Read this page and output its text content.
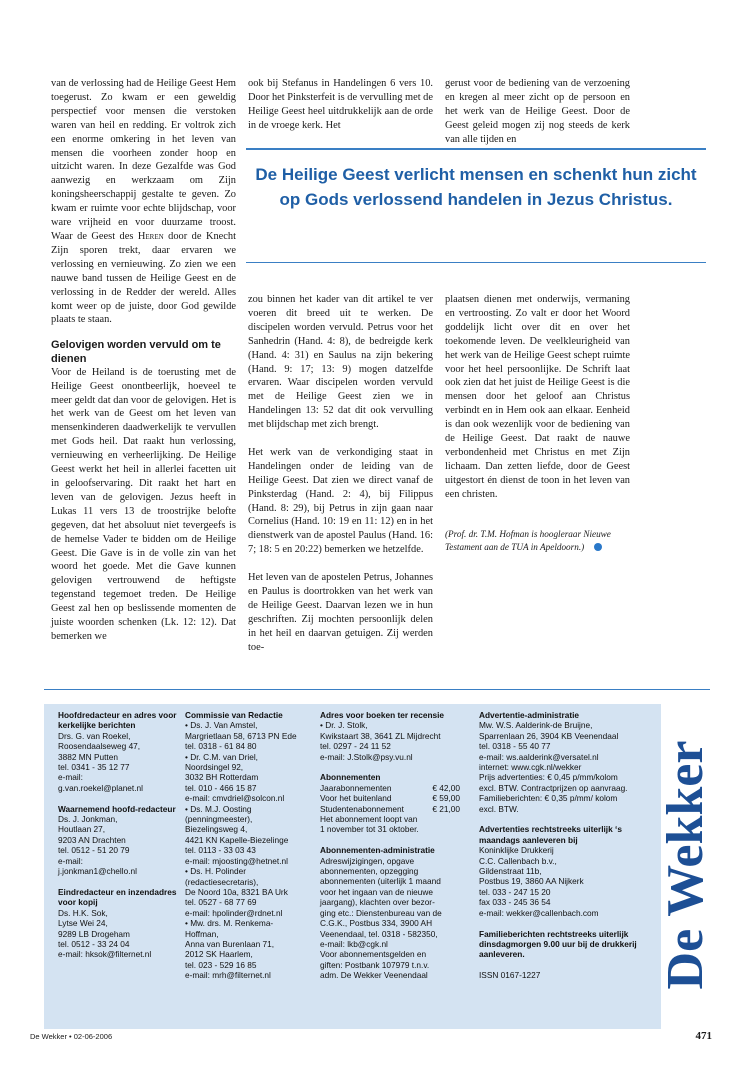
van de verlossing had de Heilige Geest Hem toegerust. Zo kwam er een geweldig perspectief voor mensen die verstoken waren van heil en redding. Er voltrok zich een enorme omkering in het leven van mensen die voorheen zonder hoop en uitzicht waren. In deze Gezalfde was God aanwezig en werkzaam om Zijn koningsheerschappij gestalte te geven. Zo kwam er ruimte voor echte blijdschap, voor ware vrijheid en voor duurzame troost. Waar de Geest des Heren door de Knecht Zijn sporen trekt, daar ervaren we verlossing en vernieuwing. Zo zien we een nauwe band tussen de Heilige Geest en de verlossing in de Redder der wereld. Alles komt weer op de juiste, door God gewilde plaats te staan.

Gelovigen worden vervuld om te dienen

Voor de Heiland is de toerusting met de Heilige Geest onontbeerlijk, hoeveel te meer geldt dat dan voor de gelovigen. Het is het werk van de Geest om het leven van mensenkinderen daadwerkelijk te vervullen met Gods heil. Dat raakt hun verlossing, vernieuwing en verheerlijking. De Heilige Geest werkt het heil in allerlei facetten uit in geloofservaring. Dit raakt het hart en leven van de gelovigen. Jezus heeft in Lukas 11 vers 13 de troostrijke belofte gegeven, dat het absoluut niet tevergeefs is de hemelse Vader te bidden om de Heilige Geest. Die Gave is in de volle zin van het woord het goede. Met die Gave kunnen gelovigen vertrouwend de heftigste tegenstand tegemoet treden. De Heilige Geest zal hen op beslissende momenten de juiste woorden schenken (Lk. 12: 12). Dat bemerken we

ook bij Stefanus in Handelingen 6 vers 10. Door het Pinksterfeit is de vervulling met de Heilige Geest heel uitdrukkelijk aan de orde in de vroege kerk. Het

gerust voor de bediening van de verzoening en kregen al meer zicht op de persoon en het werk van de Heilige Geest. Door de Geest geleid mogen zij nog steeds de kerk van alle tijden en

De Heilige Geest verlicht mensen en schenkt hun zicht op Gods verlossend handelen in Jezus Christus.

zou binnen het kader van dit artikel te ver voeren dit breed uit te werken. De discipelen worden vervuld. Petrus voor het Sanhedrin (Hand. 4: 8), de bedreigde kerk (Hand. 4: 31) en Saulus na zijn bekering (Hand. 9: 17; 13: 9) mogen datzelfde ervaren. Waar discipelen worden vervuld met de Heilige Geest zien we in Handelingen 13: 52 dat dit ook vervulling met blijdschap met zich brengt.

Het werk van de verkondiging staat in Handelingen onder de leiding van de Heilige Geest. Dat zien we direct vanaf de Pinksterdag (Hand. 2: 4), bij Filippus (Hand. 8: 29), bij Petrus in zijn gaan naar Cornelius (Hand. 10: 19 en 11: 12) en in het dienstwerk van de apostel Paulus (Hand. 16: 7; 18: 5 en 20:22) bemerken we hetzelfde.

Het leven van de apostelen Petrus, Johannes en Paulus is doortrokken van het werk van de Heilige Geest. Daarvan lezen we in hun geschriften. Zij mochten persoonlijk delen in het heil en daarvan getuigen. Zij werden toe-

plaatsen dienen met onderwijs, vermaning en vertroosting. Zo valt er door het Woord goddelijk licht over dit en over het toekomende leven. De veelkleurigheid van het werk van de Heilige Geest schept ruimte voor het heel persoonlijke. De Schrift laat ook zien dat het juist de Heilige Geest is die mensen door het geloof aan Christus verbindt en in Hem ook aan elkaar. Eenheid is dan ook wezenlijk voor de bediening van de Heilige Geest. Dat raakt de nauwe verbondenheid met Christus en met Zijn lichaam. Dan zetten liefde, door de Geest uitgestort én dienst de toon in het leven van een christen.

(Prof. dr. T.M. Hofman is hoogleraar Nieuwe Testament aan de TUA in Apeldoorn.)

Hoofdredacteur en adres voor kerkelijke berichten
Drs. G. van Roekel,
Roosendaalseweg 47,
3882 MN Putten
tel. 0341 - 35 12 77
e-mail:
g.van.roekel@planet.nl
Waarnemend hoofd-redacteur
Ds. J. Jonkman,
Houtlaan 27,
9203 AN Drachten
tel. 0512 - 51 20 79
e-mail:
j.jonkman1@chello.nl
Eindredacteur en inzendadres voor kopij
Ds. H.K. Sok,
Lytse Wei 24,
9289 LB Drogeham
tel. 0512 - 33 24 04
e-mail: hksok@filternet.nl
Commissie van Redactie
• Ds. J. Van Amstel,
Margrietlaan 58, 6713 PN Ede
tel. 0318 - 61 84 80
• Dr. C.M. van Driel,
Noordsingel 92,
3032 BH Rotterdam
tel. 010 - 466 15 87
e-mail: cmvdriel@solcon.nl
• Ds. M.J. Oosting
(penningmeester),
Biezelingsweg 4,
4421 KN Kapelle-Biezelinge
tel. 0113 - 33 03 43
e-mail: mjoosting@hetnet.nl
• Ds. H. Polinder
(redactiesecretaris),
De Noord 10a, 8321 BA Urk
tel. 0527 - 68 77 69
e-mail: hpolinder@rdnet.nl
• Mw. drs. M. Renkema-
Hoffman,
Anna van Burenlaan 71,
2012 SK Haarlem,
tel. 023 - 529 16 85
e-mail: mrh@filternet.nl
Adres voor boeken ter recensie
• Dr. J. Stolk,
Kwikstaart 38, 3641 ZL Mijdrecht
tel. 0297 - 24 11 52
e-mail: J.Stolk@psy.vu.nl
Abonnementen
Jaarabonnementen	€ 42,00
Voor het buitenland	€ 59,00
Studentenabonnement	€ 21,00
Het abonnement loopt van
1 november tot 31 oktober.
Abonnementen-administratie
Adreswijzigingen, opgave
abonnementen, opzegging
abonnementen (uiterlijk 1 maand
voor het ingaan van de nieuwe
jaargang), klachten over bezor-
ging etc.: Dienstenbureau van de
C.G.K., Postbus 334, 3900 AH
Veenendaal, tel. 0318 - 582350,
e-mail: lkb@cgk.nl
Voor abonnementsgelden en
giften: Postbank 107979 t.n.v.
adm. De Wekker Veenendaal
Advertentie-administratie
Mw. W.S. Aalderink-de Bruijne,
Sparrenlaan 26, 3904 KB Veenendaal
tel. 0318 - 55 40 77
e-mail: ws.aalderink@versatel.nl
internet: www.cgk.nl/wekker
Prijs advertenties: € 0,45 p/mm/kolom
excl. BTW. Contractprijzen op aanvraag.
Familieberichten: € 0,35 p/mm/ kolom
excl. BTW.
Advertenties rechtstreeks uiterlijk ‘s maandags aanleveren bij
Koninklijke Drukkerij
C.C. Callenbach b.v.,
Gildenstraat 11b,
Postbus 19, 3860 AA Nijkerk
tel. 033 - 247 15 20
fax 033 - 245 36 54
e-mail: wekker@callenbach.com
Familieberichten rechtstreeks uiterlijk dinsdagmorgen 9.00 uur bij de drukkerij aanleveren.
ISSN 0167-1227	De Wekker
De Wekker • 02-06-2006	471
